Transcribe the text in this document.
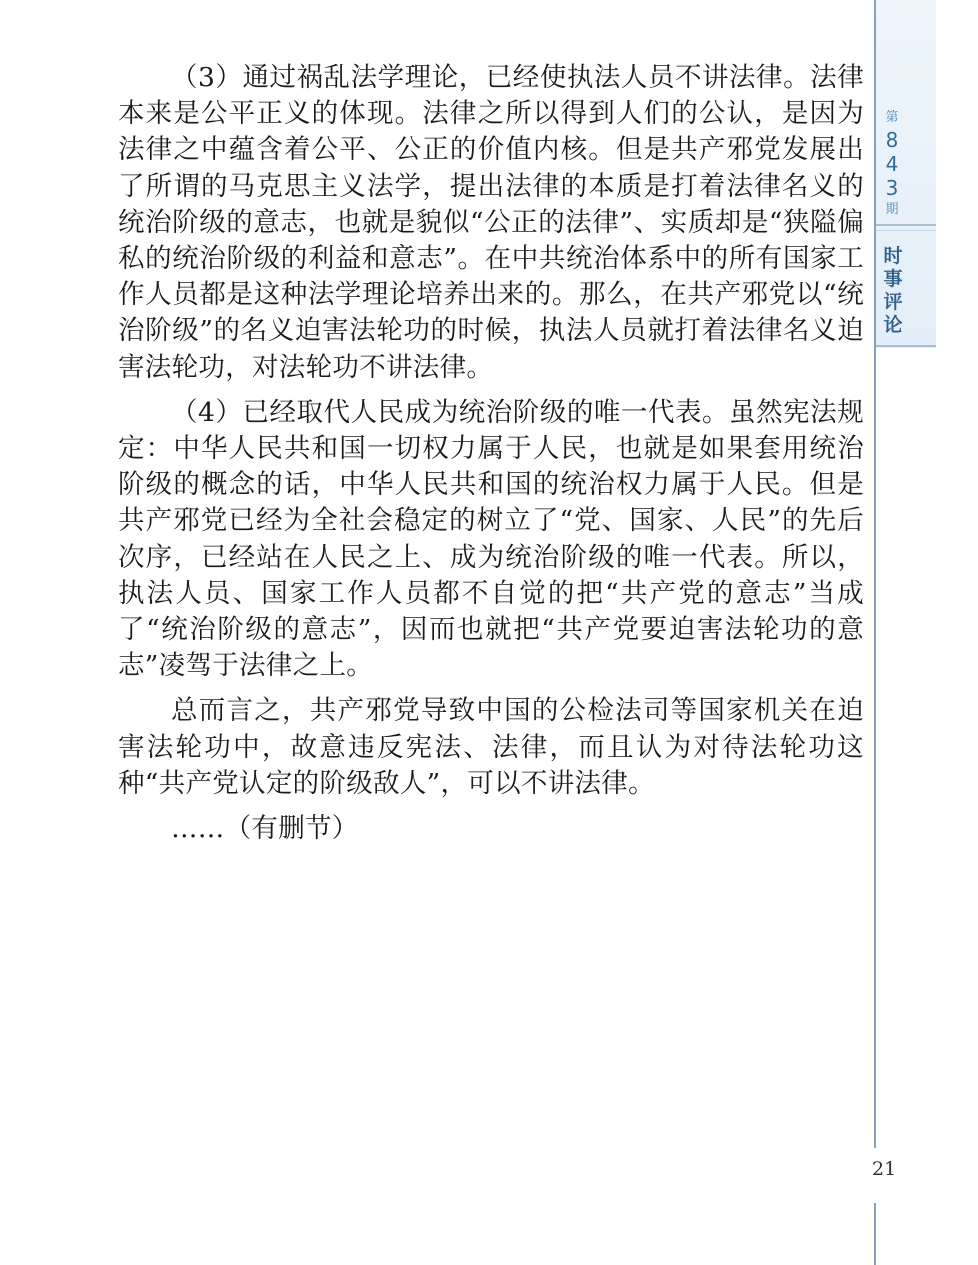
第
8
4
3
期
时
事
评
论

（3）通过祸乱法学理论，已经使执法人员不讲法律。法律本来是公平正义的体现。法律之所以得到人们的公认，是因为法律之中蕴含着公平、公正的价值内核。但是共产邪党发展出了所谓的马克思主义法学，提出法律的本质是打着法律名义的统治阶级的意志，也就是貌似“公正的法律”、实质却是“狭隘偏私的统治阶级的利益和意志”。在中共统治体系中的所有国家工作人员都是这种法学理论培养出来的。那么，在共产邪党以“统治阶级”的名义迫害法轮功的时候，执法人员就打着法律名义迫害法轮功，对法轮功不讲法律。

（4）已经取代人民成为统治阶级的唯一代表。虽然宪法规定：中华人民共和国一切权力属于人民，也就是如果套用统治阶级的概念的话，中华人民共和国的统治权力属于人民。但是共产邪党已经为全社会稳定的树立了“党、国家、人民”的先后次序，已经站在人民之上、成为统治阶级的唯一代表。所以，执法人员、国家工作人员都不自觉的把“共产党的意志”当成了“统治阶级的意志”，因而也就把“共产党要迫害法轮功的意志”凌驾于法律之上。

总而言之，共产邪党导致中国的公检法司等国家机关在迫害法轮功中，故意违反宪法、法律，而且认为对待法轮功这种“共产党认定的阶级敌人”，可以不讲法律。

……（有删节）

21
